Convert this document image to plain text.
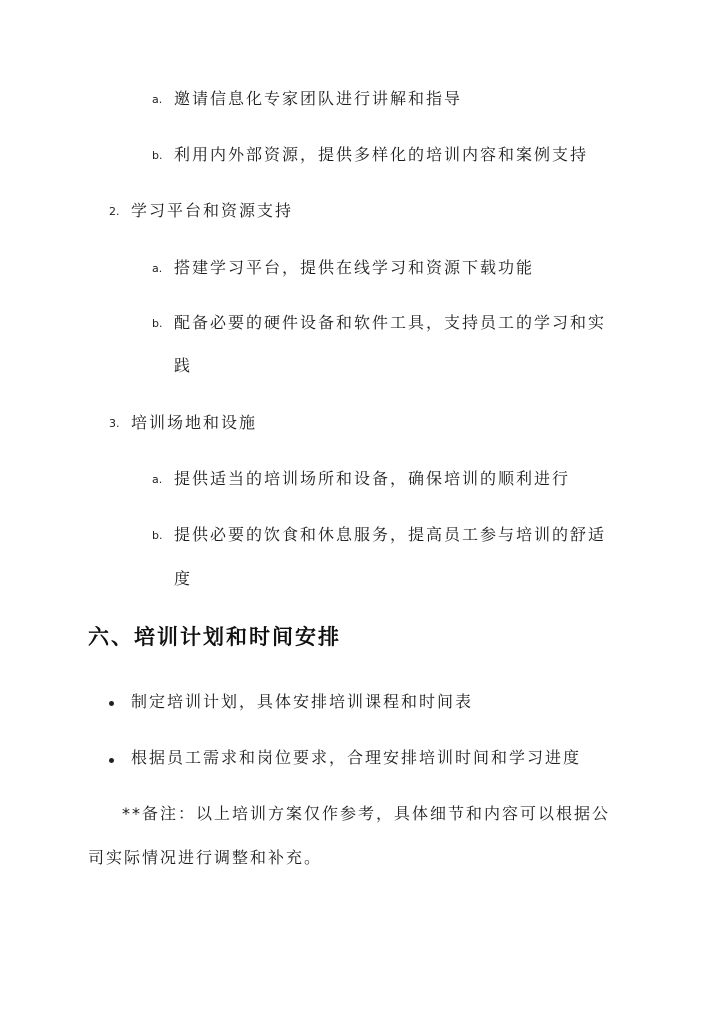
a. 邀请信息化专家团队进行讲解和指导
b. 利用内外部资源，提供多样化的培训内容和案例支持
2. 学习平台和资源支持
a. 搭建学习平台，提供在线学习和资源下载功能
b. 配备必要的硬件设备和软件工具，支持员工的学习和实
践
3. 培训场地和设施
a. 提供适当的培训场所和设备，确保培训的顺利进行
b. 提供必要的饮食和休息服务，提高员工参与培训的舒适
度
六、培训计划和时间安排
制定培训计划，具体安排培训课程和时间表
根据员工需求和岗位要求，合理安排培训时间和学习进度
**备注：以上培训方案仅作参考，具体细节和内容可以根据公
司实际情况进行调整和补充。
